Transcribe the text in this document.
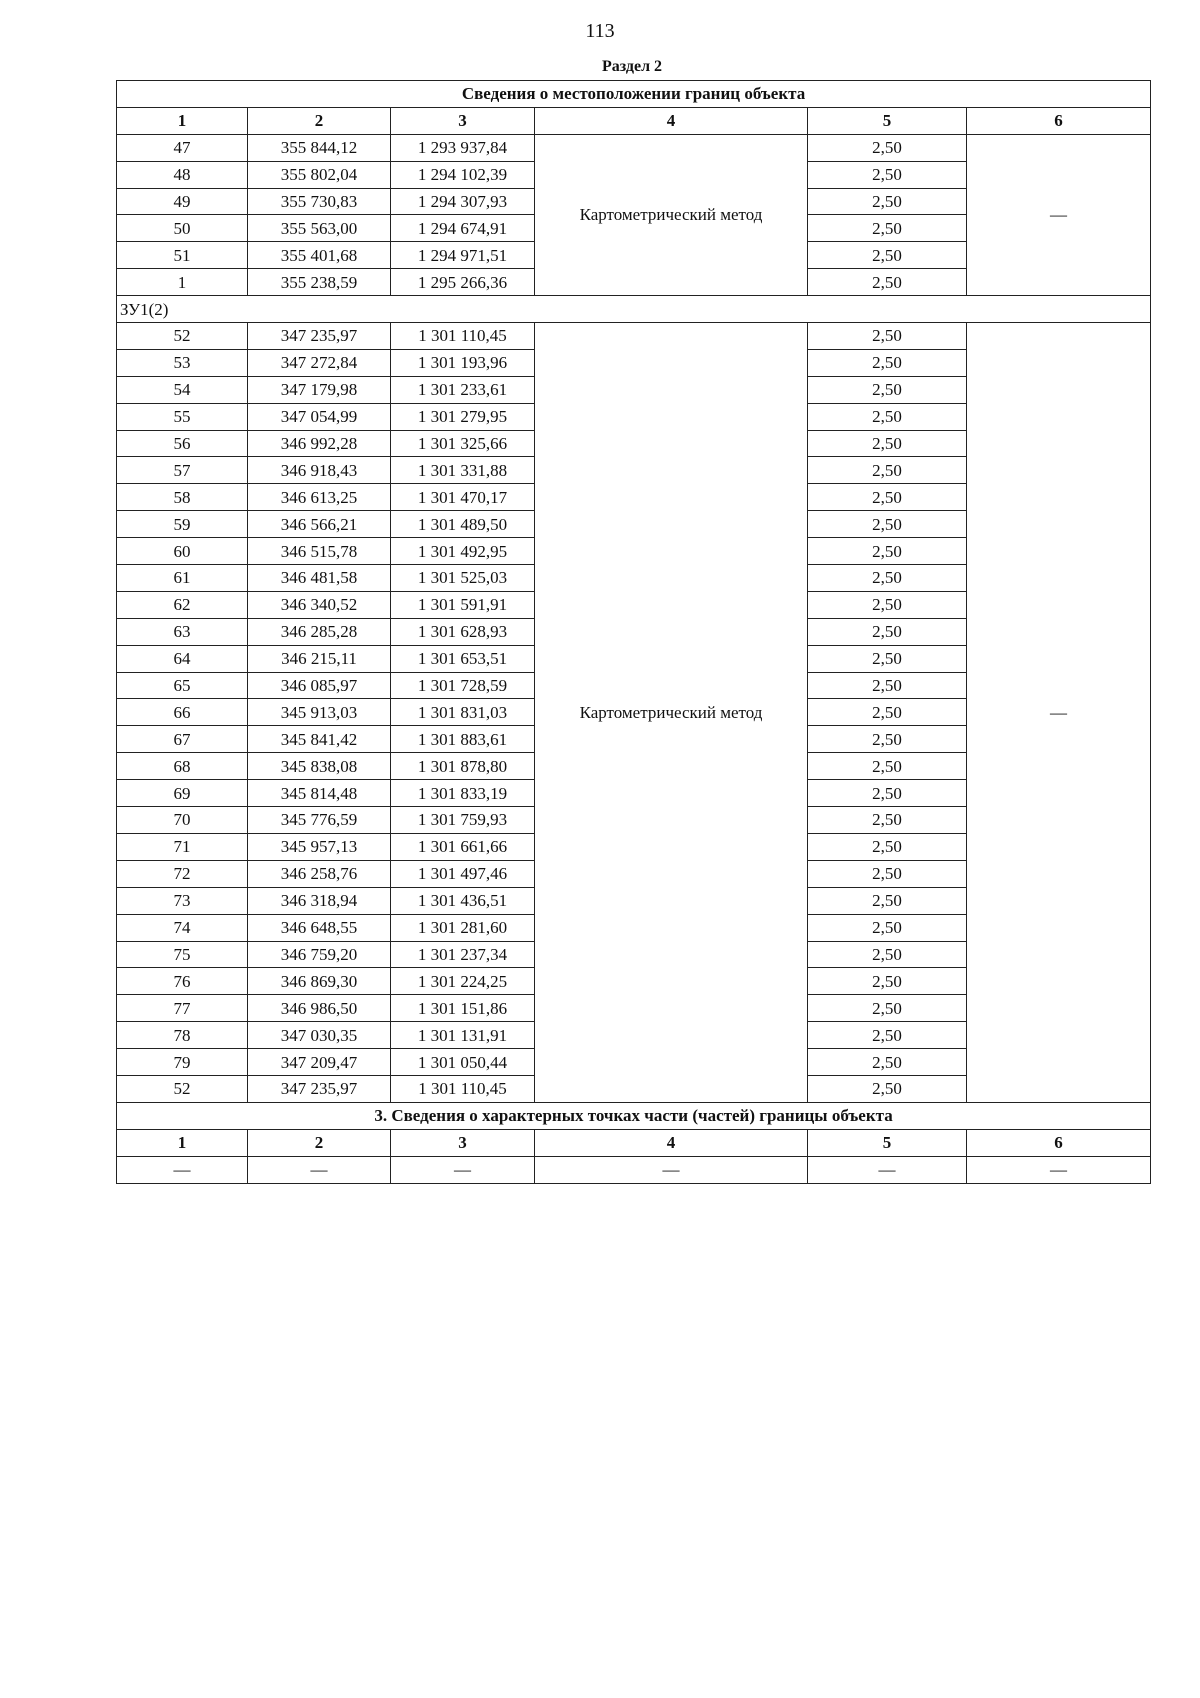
113
Раздел 2
Сведения о местоположении границ объекта					
1	2	3	4	5	6
47	355 844,12	1 293 937,84	Картометрический метод	2,50	—
48	355 802,04	1 294 102,39		2,50	
49	355 730,83	1 294 307,93		2,50	
50	355 563,00	1 294 674,91		2,50	
51	355 401,68	1 294 971,51		2,50	
1	355 238,59	1 295 266,36		2,50	
ЗУ1(2)					
52	347 235,97	1 301 110,45	Картометрический метод	2,50	—
53	347 272,84	1 301 193,96		2,50	
54	347 179,98	1 301 233,61		2,50	
55	347 054,99	1 301 279,95		2,50	
56	346 992,28	1 301 325,66		2,50	
57	346 918,43	1 301 331,88		2,50	
58	346 613,25	1 301 470,17		2,50	
59	346 566,21	1 301 489,50		2,50	
60	346 515,78	1 301 492,95		2,50	
61	346 481,58	1 301 525,03		2,50	
62	346 340,52	1 301 591,91		2,50	
63	346 285,28	1 301 628,93		2,50	
64	346 215,11	1 301 653,51		2,50	
65	346 085,97	1 301 728,59		2,50	
66	345 913,03	1 301 831,03		2,50	
67	345 841,42	1 301 883,61		2,50	
68	345 838,08	1 301 878,80		2,50	
69	345 814,48	1 301 833,19		2,50	
70	345 776,59	1 301 759,93		2,50	
71	345 957,13	1 301 661,66		2,50	
72	346 258,76	1 301 497,46		2,50	
73	346 318,94	1 301 436,51		2,50	
74	346 648,55	1 301 281,60		2,50	
75	346 759,20	1 301 237,34		2,50	
76	346 869,30	1 301 224,25		2,50	
77	346 986,50	1 301 151,86		2,50	
78	347 030,35	1 301 131,91		2,50	
79	347 209,47	1 301 050,44		2,50	
52	347 235,97	1 301 110,45		2,50	
3. Сведения о характерных точках части (частей) границы объекта					
1	2	3	4	5	6
—	—	—	—	—	—
